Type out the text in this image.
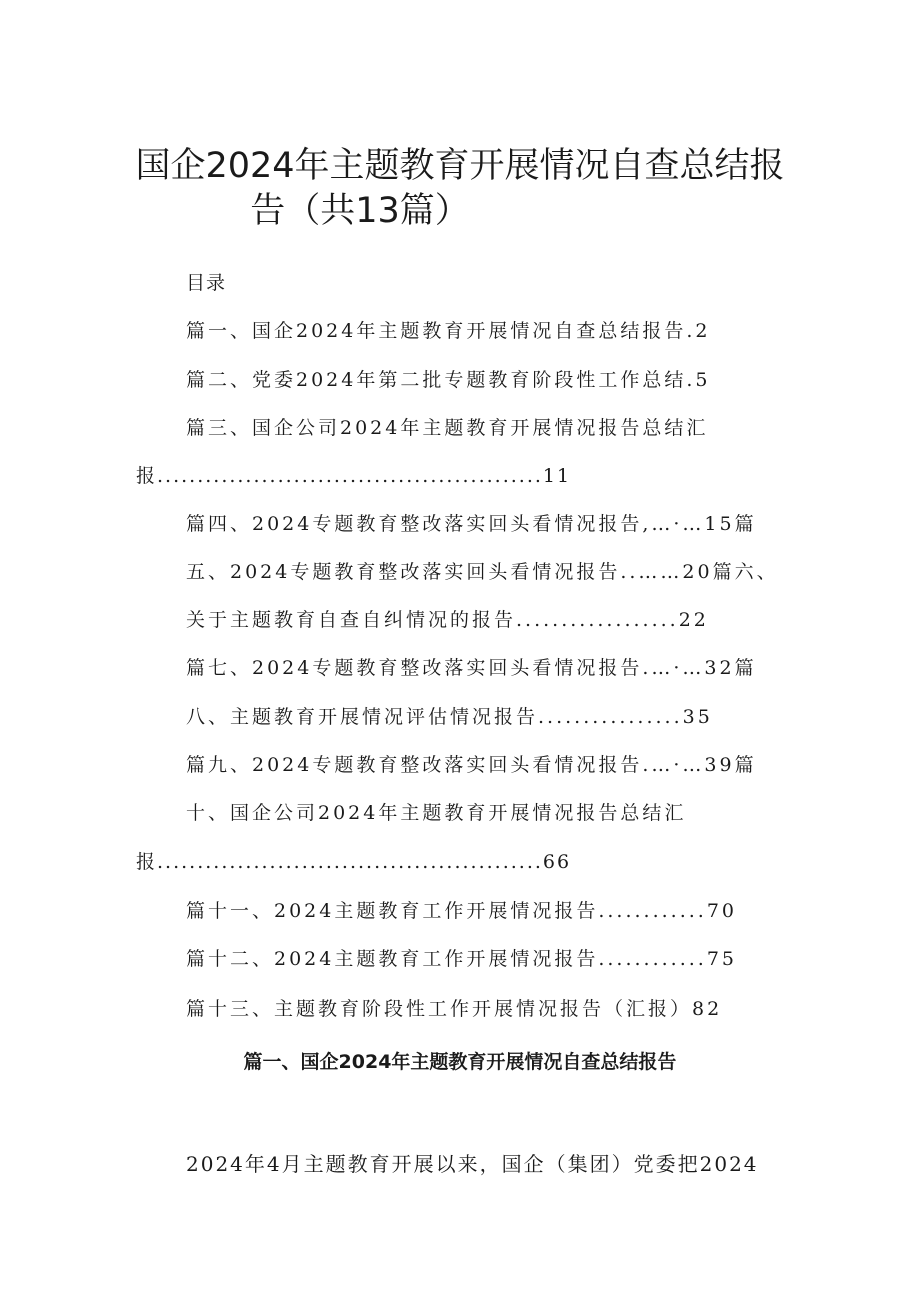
国企2024年主题教育开展情况自查总结报
告（共13篇）
目录
篇一、国企2024年主题教育开展情况自查总结报告.2
篇二、党委2024年第二批专题教育阶段性工作总结.5
篇三、国企公司2024年主题教育开展情况报告总结汇
报................................................11
篇四、2024专题教育整改落实回头看情况报告,…·…15篇
五、2024专题教育整改落实回头看情况报告..……20篇六、
关于主题教育自查自纠情况的报告..................22
篇七、2024专题教育整改落实回头看情况报告.…·…32篇
八、主题教育开展情况评估情况报告................35
篇九、2024专题教育整改落实回头看情况报告.…·…39篇
十、国企公司2024年主题教育开展情况报告总结汇
报................................................66
篇十一、2024主题教育工作开展情况报告............70
篇十二、2024主题教育工作开展情况报告............75
篇十三、主题教育阶段性工作开展情况报告（汇报）82
篇一、国企2024年主题教育开展情况自查总结报告
2024年4月主题教育开展以来，国企（集团）党委把2024
